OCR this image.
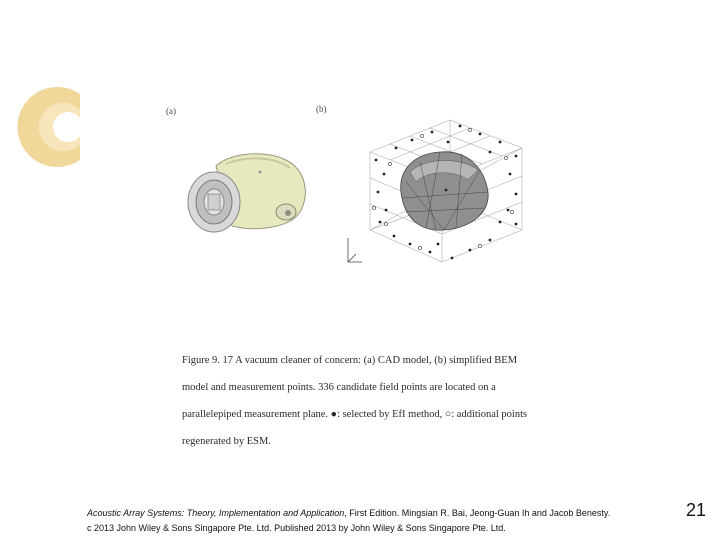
(a)	(b)
Figure 9. 17 A vacuum cleaner of concern: (a) CAD model, (b) simplified BEM
model and measurement points. 336 candidate field points are located on a
parallelepiped measurement plane. ●: selected by EfI method, ○: additional points
regenerated by ESM.
Acoustic Array Systems: Theory, Implementation and Application, First Edition. Mingsian R. Bai, Jeong-Guan Ih and Jacob Benesty.
c 2013 John Wiley & Sons Singapore Pte. Ltd. Published 2013 by John Wiley & Sons Singapore Pte. Ltd.
21
